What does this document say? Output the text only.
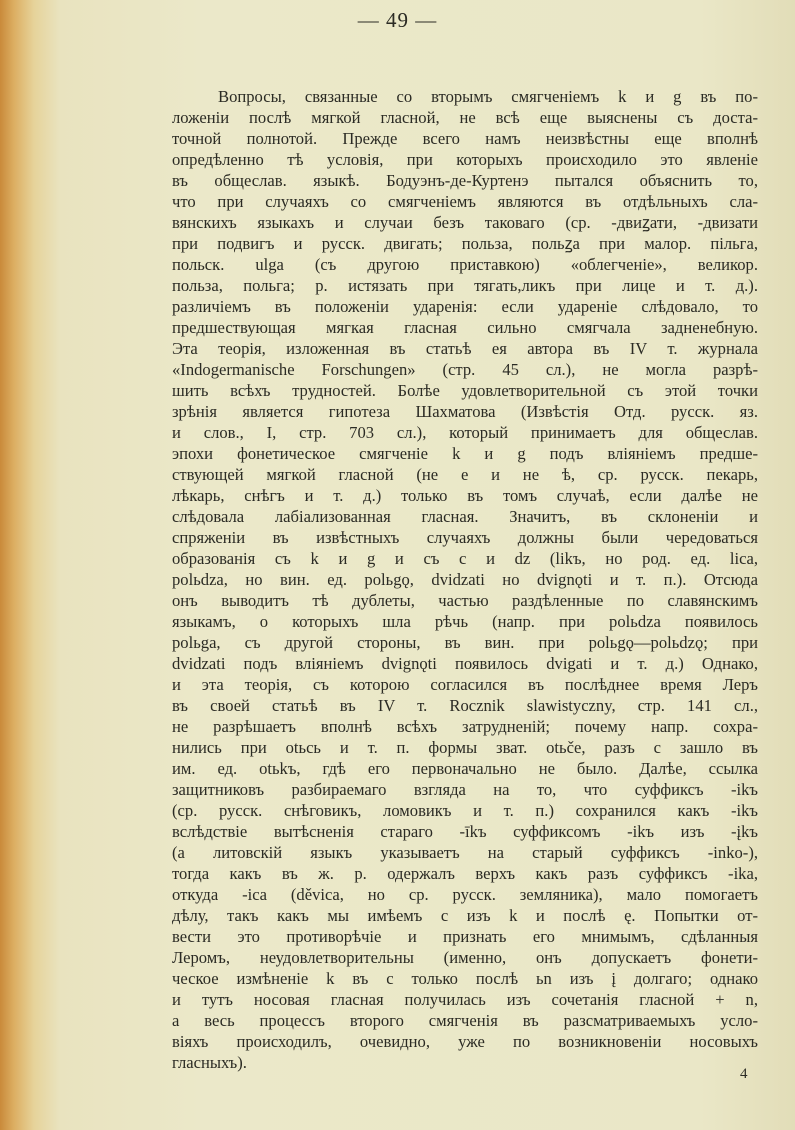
— 49 —
Вопросы, связанные со вторымъ смягченіемъ k и g въ по-
ложеніи послѣ мягкой гласной, не всѣ еще выяснены съ доста-
точной полнотой. Прежде всего намъ неизвѣстны еще вполнѣ
опредѣленно тѣ условія, при которыхъ происходило это явленіе
въ общеслав. языкѣ. Бодуэнъ-де-Куртенэ пытался объяснить то,
что при случаяхъ со смягченіемъ являются въ отдѣльныхъ сла-
вянскихъ языкахъ и случаи безъ таковаго (ср. -двиꙁати, -двизати
при подвигъ и русск. двигать; польза, польꙁа при малор. пільга,
польск. ulga (съ другою приставкою) «облегченіе», великор.
польза, польга; р. истязать при тягать,ликъ при лицe и т. д.).
различіемъ въ положеніи ударенія: если удареніе слѣдовало, то
предшествующая мягкая гласная сильно смягчала задненебную.
Эта теорія, изложенная въ статьѣ ея автора въ IV т. журнала
«Indogermanische Forschungen» (стр. 45 сл.), не могла разрѣ-
шить всѣхъ трудностей. Болѣе удовлетворительной съ этой точки
зрѣнія является гипотеза Шахматова (Извѣстія Отд. русск. яз.
и слов., I, стр. 703 сл.), который принимаетъ для общеслав.
эпохи фонетическое смягченіе k и g подъ вліяніемъ предше-
ствующей мягкой гласной (не e и не ѣ, ср. русск. пекарь,
лѣкарь, снѣгъ и т. д.) только въ томъ случаѣ, если далѣе не
слѣдовала лабіализованная гласная. Значитъ, въ склоненіи и
спряженіи въ извѣстныхъ случаяхъ должны были чередоваться
образованія съ k и g и съ c и dz (likъ, но род. ед. lica,
polьdza, но вин. ед. polьgǫ, dvidzati но dvignǫti и т. п.). Отсюда
онъ выводитъ тѣ дублеты, частью раздѣленные по славянскимъ
языкамъ, о которыхъ шла рѣчь (напр. при polьdza появилось
polьga, съ другой стороны, въ вин. при polьgǫ—polьdzǫ; при
dvidzati подъ вліяніемъ dvignǫti появилось dvigati и т. д.) Однако,
и эта теорія, съ которою согласился въ послѣднее время Леръ
въ своей статьѣ въ IV т. Rocznik slawistyczny, стр. 141 сл.,
не разрѣшаетъ вполнѣ всѣхъ затрудненій; почему напр. сохра-
нились при otьcь и т. п. формы зват. otьče, разъ c зашло въ
им. ед. otьkъ, гдѣ его первоначально не было. Далѣе, ссылка
защитниковъ разбираемаго взгляда на то, что суффиксъ -ikъ
(ср. русск. снѣговикъ, ломовикъ и т. п.) сохранился какъ -ikъ
вслѣдствіе вытѣсненія стараго -īkъ суффиксомъ -ikъ изъ -įkъ
(а литовскій языкъ указываетъ на старый суффиксъ -inko-),
тогда какъ въ ж. р. одержалъ верхъ какъ разъ суффиксъ -ika,
откуда -ica (děvica, но ср. русск. земляника), мало помогаетъ
дѣлу, такъ какъ мы имѣемъ c изъ k и послѣ ę. Попытки от-
вести это противорѣчіе и признать его мнимымъ, сдѣланныя
Леромъ, неудовлетворительны (именно, онъ допускаетъ фонети-
ческое измѣненіе k въ c только послѣ ьn изъ į долгаго; однако
и тутъ носовая гласная получилась изъ сочетанія гласной + n,
а весь процессъ второго смягченія въ разсматриваемыхъ усло-
віяхъ происходилъ, очевидно, уже по возникновеніи носовыхъ
гласныхъ).
4
